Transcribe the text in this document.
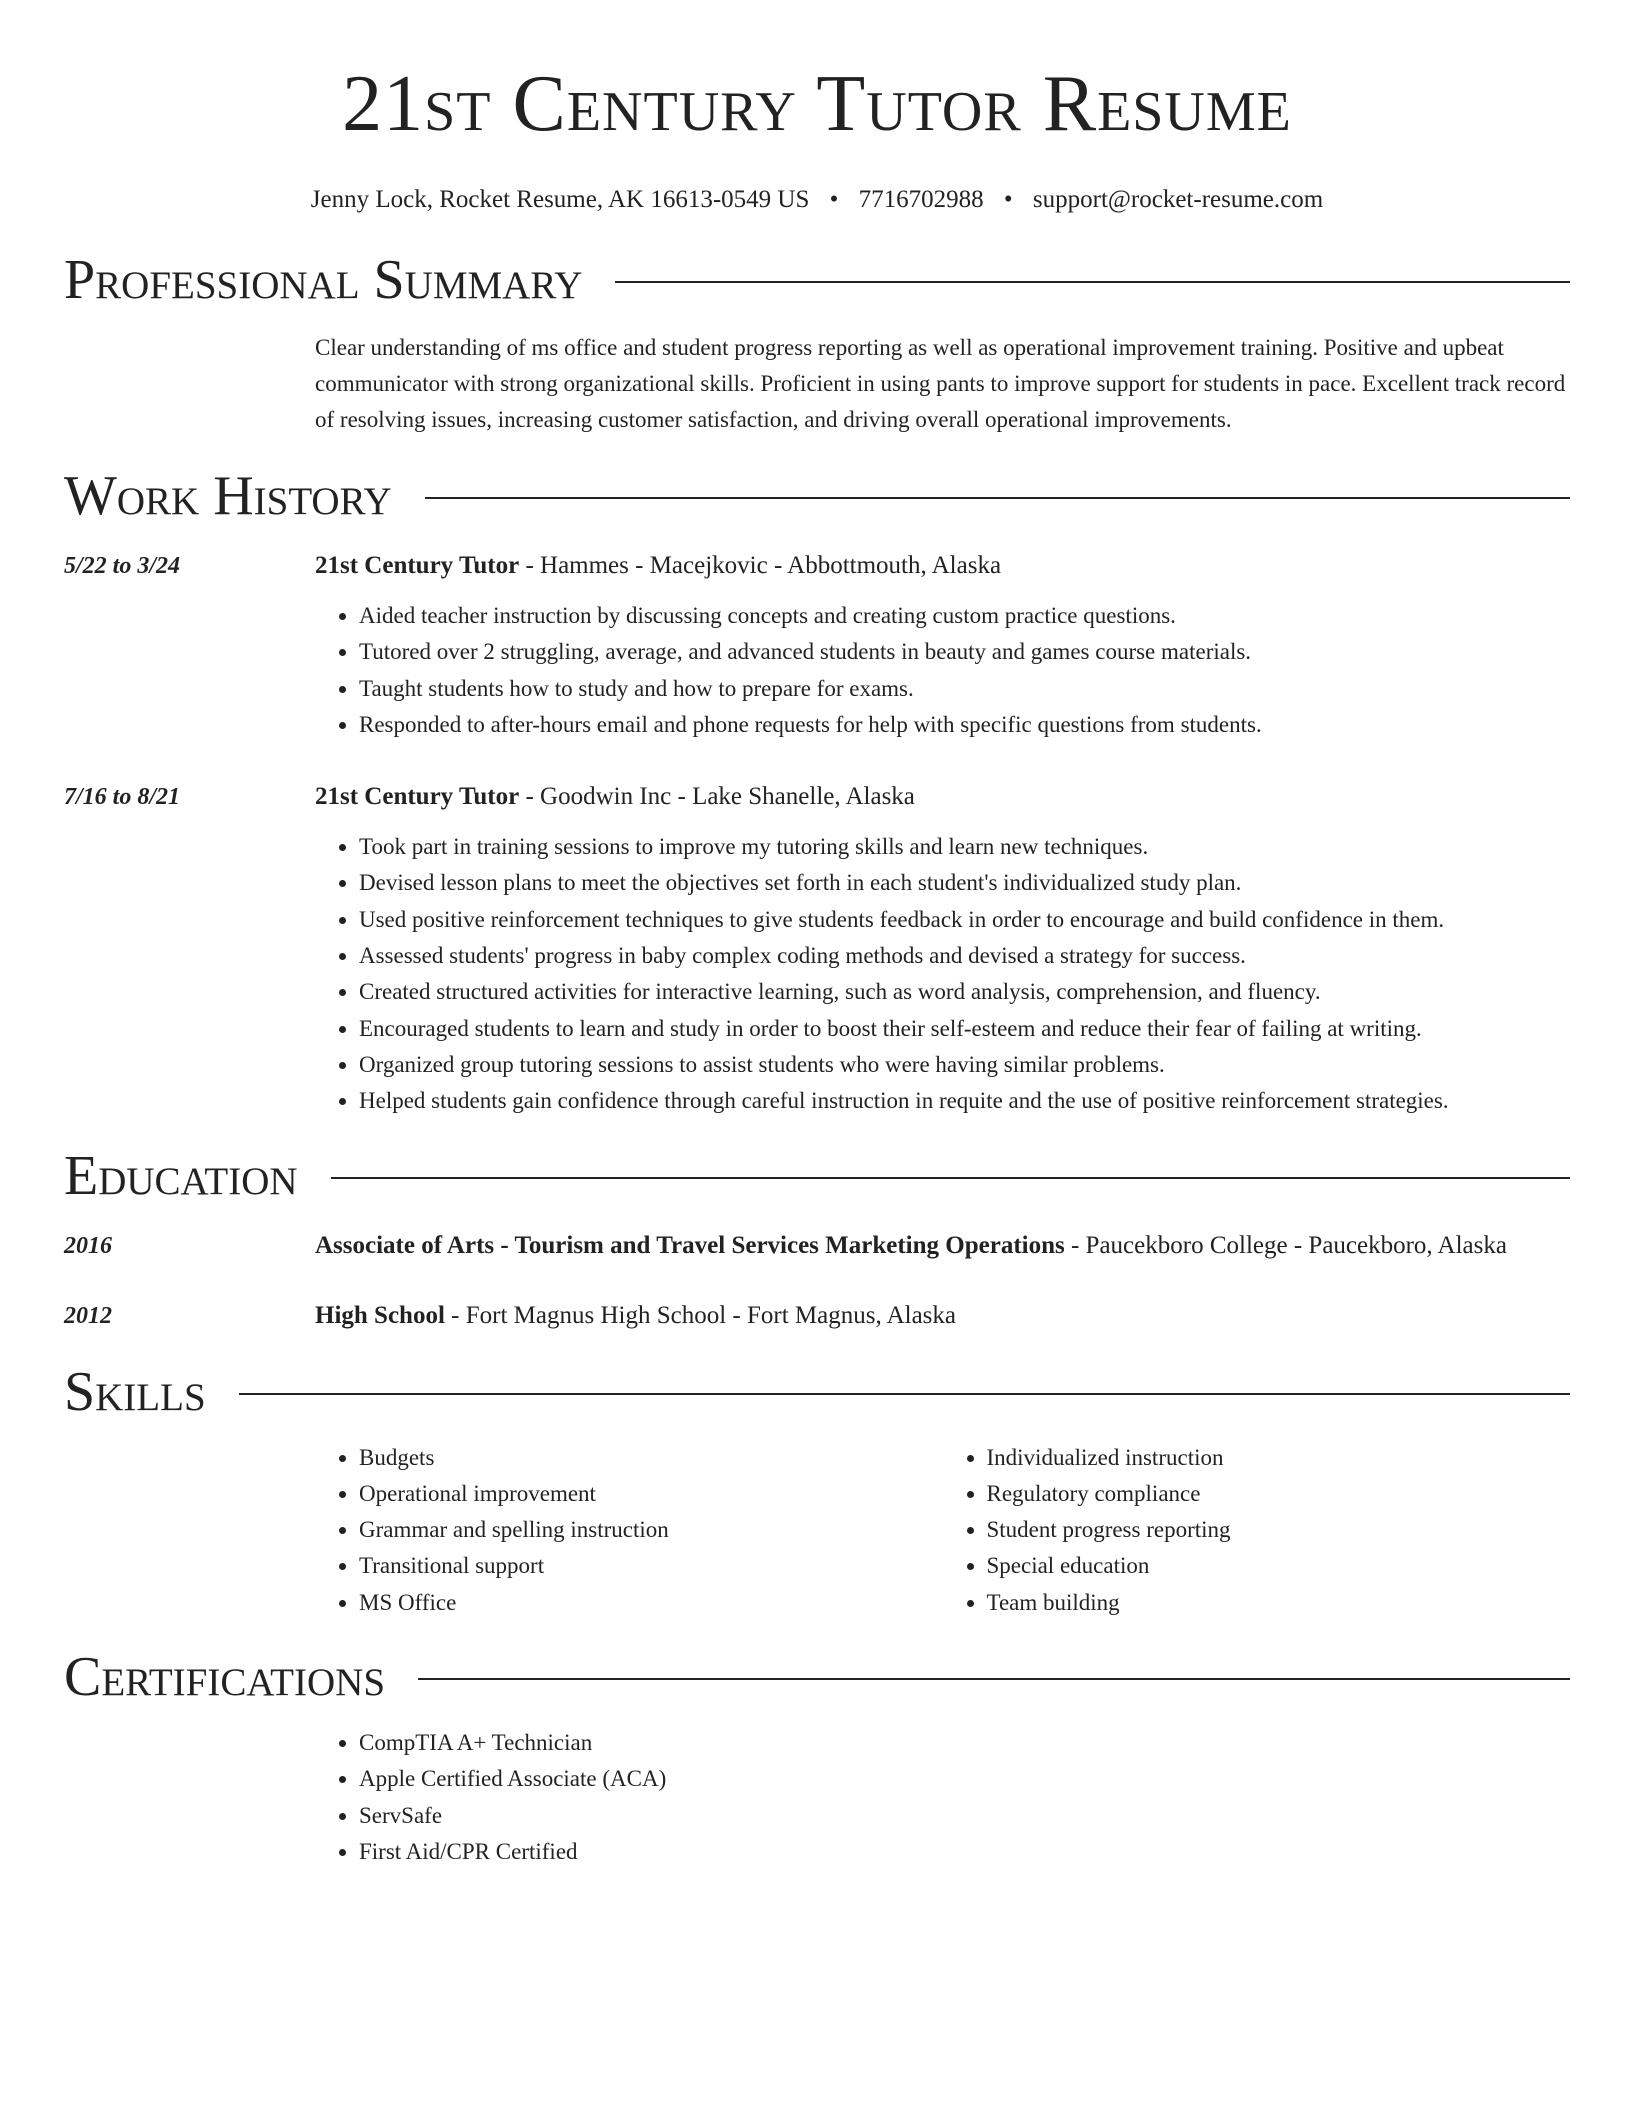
21st Century Tutor Resume
Jenny Lock, Rocket Resume, AK 16613-0549 US • 7716702988 • support@rocket-resume.com
Professional Summary
Clear understanding of ms office and student progress reporting as well as operational improvement training. Positive and upbeat communicator with strong organizational skills. Proficient in using pants to improve support for students in pace. Excellent track record of resolving issues, increasing customer satisfaction, and driving overall operational improvements.
Work History
5/22 to 3/24	21st Century Tutor - Hammes - Macejkovic - Abbottmouth, Alaska
• Aided teacher instruction by discussing concepts and creating custom practice questions.
• Tutored over 2 struggling, average, and advanced students in beauty and games course materials.
• Taught students how to study and how to prepare for exams.
• Responded to after-hours email and phone requests for help with specific questions from students.
7/16 to 8/21	21st Century Tutor - Goodwin Inc - Lake Shanelle, Alaska
• Took part in training sessions to improve my tutoring skills and learn new techniques.
• Devised lesson plans to meet the objectives set forth in each student's individualized study plan.
• Used positive reinforcement techniques to give students feedback in order to encourage and build confidence in them.
• Assessed students' progress in baby complex coding methods and devised a strategy for success.
• Created structured activities for interactive learning, such as word analysis, comprehension, and fluency.
• Encouraged students to learn and study in order to boost their self-esteem and reduce their fear of failing at writing.
• Organized group tutoring sessions to assist students who were having similar problems.
• Helped students gain confidence through careful instruction in requite and the use of positive reinforcement strategies.
Education
2016	Associate of Arts - Tourism and Travel Services Marketing Operations - Paucekboro College - Paucekboro, Alaska
2012	High School - Fort Magnus High School - Fort Magnus, Alaska
Skills
• Budgets
• Operational improvement
• Grammar and spelling instruction
• Transitional support
• MS Office
• Individualized instruction
• Regulatory compliance
• Student progress reporting
• Special education
• Team building
Certifications
• CompTIA A+ Technician
• Apple Certified Associate (ACA)
• ServSafe
• First Aid/CPR Certified
